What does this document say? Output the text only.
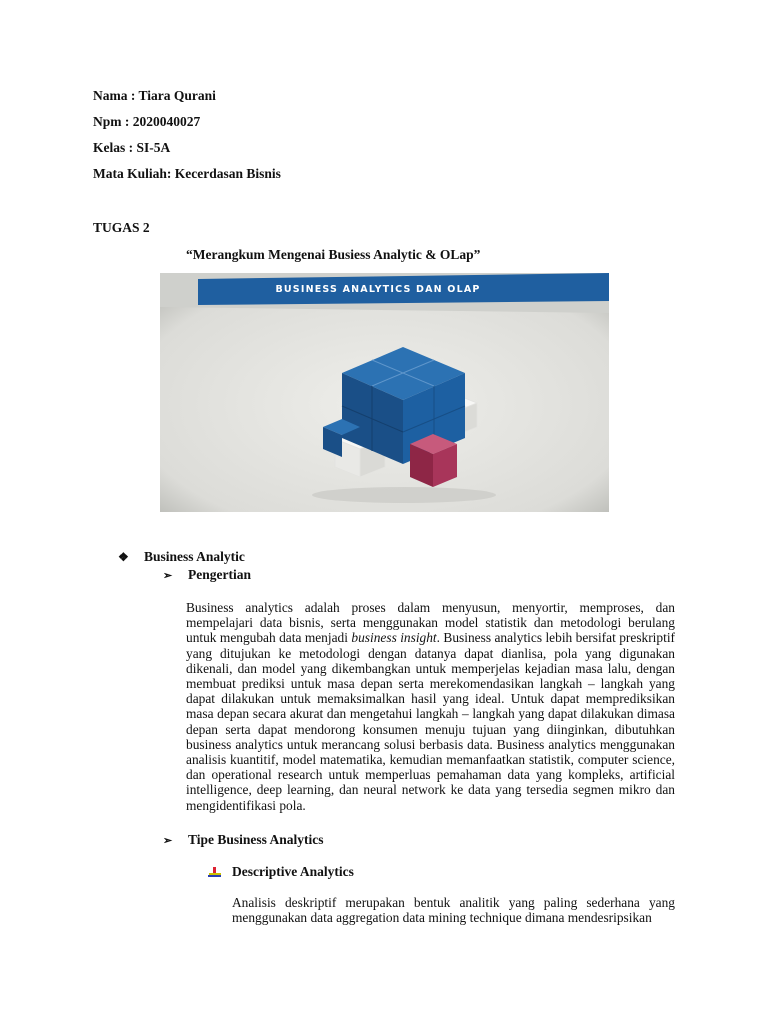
Nama : Tiara Qurani
Npm : 2020040027
Kelas : SI-5A
Mata Kuliah: Kecerdasan Bisnis
TUGAS 2
“Merangkum Mengenai Busiess Analytic & OLap”
BUSINESS ANALYTICS DAN OLAP
❖ Business Analytic
➢	Pengertian
Business analytics adalah proses dalam menyusun, menyortir, memproses, dan mempelajari data bisnis, serta menggunakan model statistik dan metodologi berulang untuk mengubah data menjadi business insight. Business analytics lebih bersifat preskriptif yang ditujukan ke metodologi dengan datanya dapat dianlisa, pola yang digunakan dikenali, dan model yang dikembangkan untuk memperjelas kejadian masa lalu, dengan membuat prediksi untuk masa depan serta merekomendasikan langkah – langkah yang dapat dilakukan untuk memaksimalkan hasil yang ideal. Untuk dapat memprediksikan masa depan secara akurat dan mengetahui langkah – langkah yang dapat dilakukan dimasa depan serta dapat mendorong konsumen menuju tujuan yang diinginkan, dibutuhkan business analytics untuk merancang solusi berbasis data. Business analytics menggunakan analisis kuantitif, model matematika, kemudian memanfaatkan statistik, computer science, dan operational research untuk memperluas pemahaman data yang kompleks, artificial intelligence, deep learning, dan neural network ke data yang tersedia segmen mikro dan mengidentifikasi pola.
➢	Tipe Business Analytics
Descriptive Analytics
Analisis deskriptif merupakan bentuk analitik yang paling sederhana yang menggunakan data aggregation data mining technique dimana mendesripsikan
